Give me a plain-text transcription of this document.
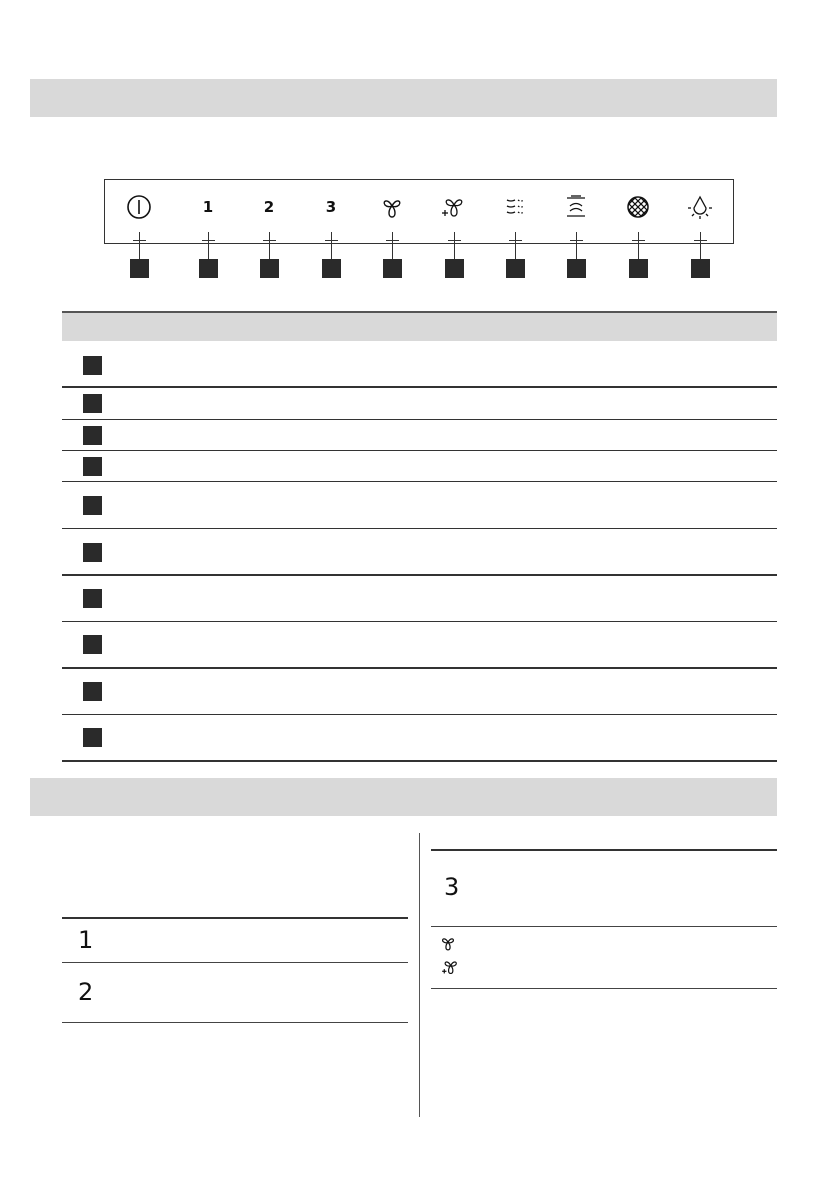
1	2	3
1
2
3
